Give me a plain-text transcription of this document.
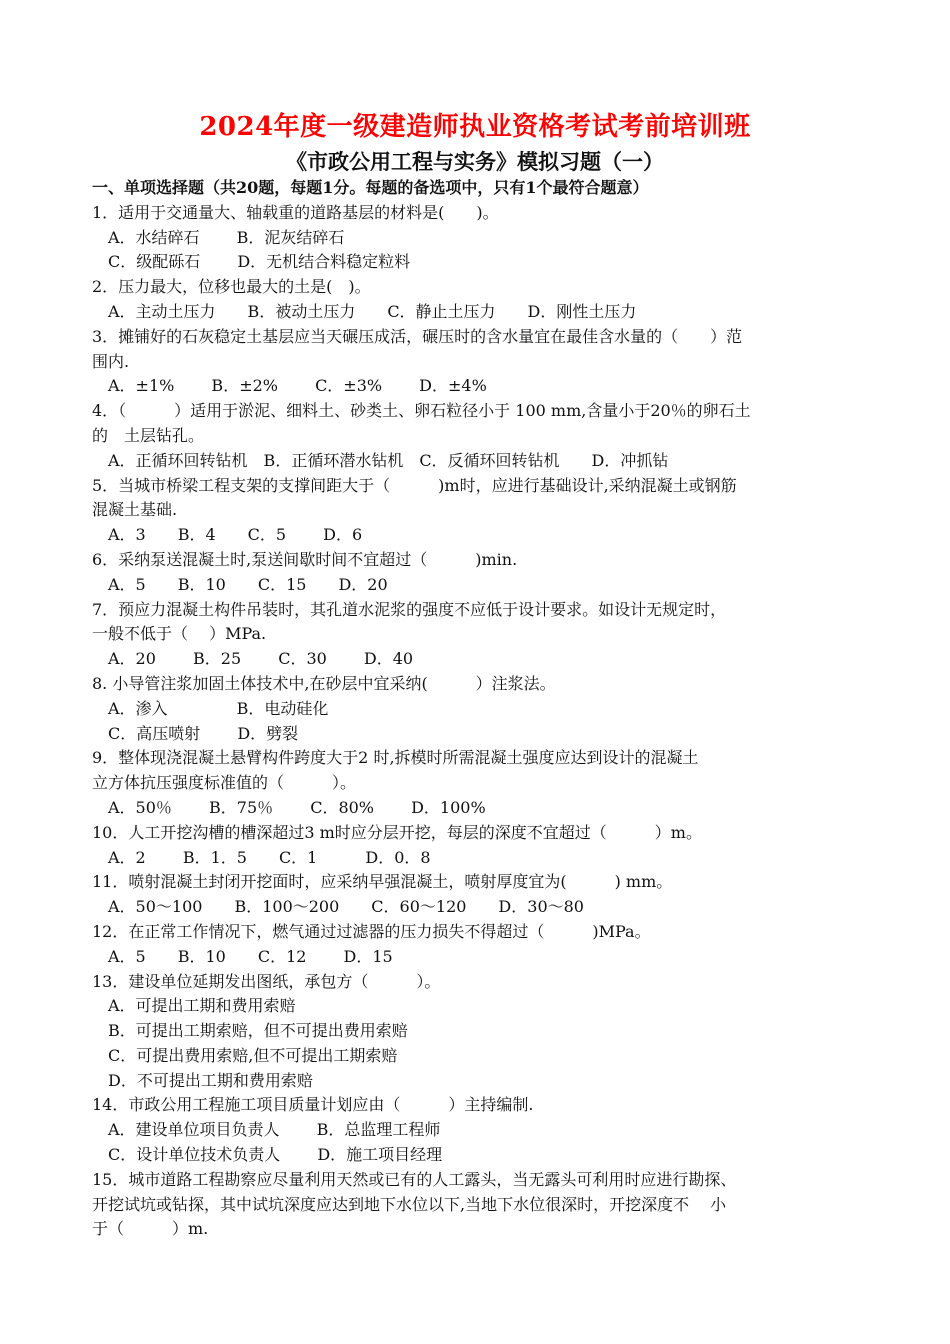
2024年度一级建造师执业资格考试考前培训班
《市政公用工程与实务》模拟习题（一）
一、单项选择题（共20题，每题1分。每题的备选项中，只有1个最符合题意）
1．适用于交通量大、轴载重的道路基层的材料是(　　)。
　A．水结碎石　　 B．泥灰结碎石
　C．级配砾石　　 D．无机结合料稳定粒料
2．压力最大，位移也最大的土是(　)。
　A．主动土压力　　B．被动土压力　　C．静止土压力　　D．刚性土压力
3．摊铺好的石灰稳定土基层应当天碾压成活，碾压时的含水量宜在最佳含水量的（　　）范
围内.
　A．±1%　　 B．±2%　　 C．±3%　　 D．±4%
4．（　　　）适用于淤泥、细料土、砂类土、卵石粒径小于 100 mm,含量小于20％的卵石土
的　土层钻孔。
　A．正循环回转钻机　B．正循环潜水钻机　C．反循环回转钻机　　D．冲抓钻
5．当城市桥梁工程支架的支撑间距大于（　　　)m时，应进行基础设计,采纳混凝土或钢筋
混凝土基础.
　A．3　　B．4　　C．5　　 D．6
6．采纳泵送混凝土时,泵送间歇时间不宜超过（　　　)min.
　A．5　　B．10　　C．15　　D．20
7．预应力混凝土构件吊装时，其孔道水泥浆的强度不应低于设计要求。如设计无规定时，
一般不低于（　 ）MPa.
　A．20　　 B．25　　 C．30　　 D．40
8. 小导管注浆加固土体技术中,在砂层中宜采纳(　　　）注浆法。
　A．渗入　　　　 B．电动硅化
　C．高压喷射　　 D．劈裂
9．整体现浇混凝土悬臂构件跨度大于2 时,拆模时所需混凝土强度应达到设计的混凝土
立方体抗压强度标准值的（　　　）。
　A．50％　　 B．75％　　 C．80%　　 D．100%
10．人工开挖沟槽的槽深超过3 m时应分层开挖，每层的深度不宜超过（　　　）m。
　A．2　　 B．1．5　　C．1　　　D．0．8
11．喷射混凝土封闭开挖面时，应采纳早强混凝土，喷射厚度宜为(　　　) mm。
　A．50～100　　B．100～200　　C．60～120　　D．30～80
12．在正常工作情况下，燃气通过过滤器的压力损失不得超过（　　　)MPa。
　A．5　　B．10　　C．12　　 D．15
13．建设单位延期发出图纸，承包方（　　　）。
　A．可提出工期和费用索赔
　B．可提出工期索赔，但不可提出费用索赔
　C．可提出费用索赔,但不可提出工期索赔
　D．不可提出工期和费用索赔
14．市政公用工程施工项目质量计划应由（　　　）主持编制.
　A．建设单位项目负责人　　 B．总监理工程师
　C．设计单位技术负责人　　 D．施工项目经理
15．城市道路工程勘察应尽量利用天然或已有的人工露头，当无露头可利用时应进行勘探、
开挖试坑或钻探，其中试坑深度应达到地下水位以下,当地下水位很深时，开挖深度不　 小
于（　　　）m.
